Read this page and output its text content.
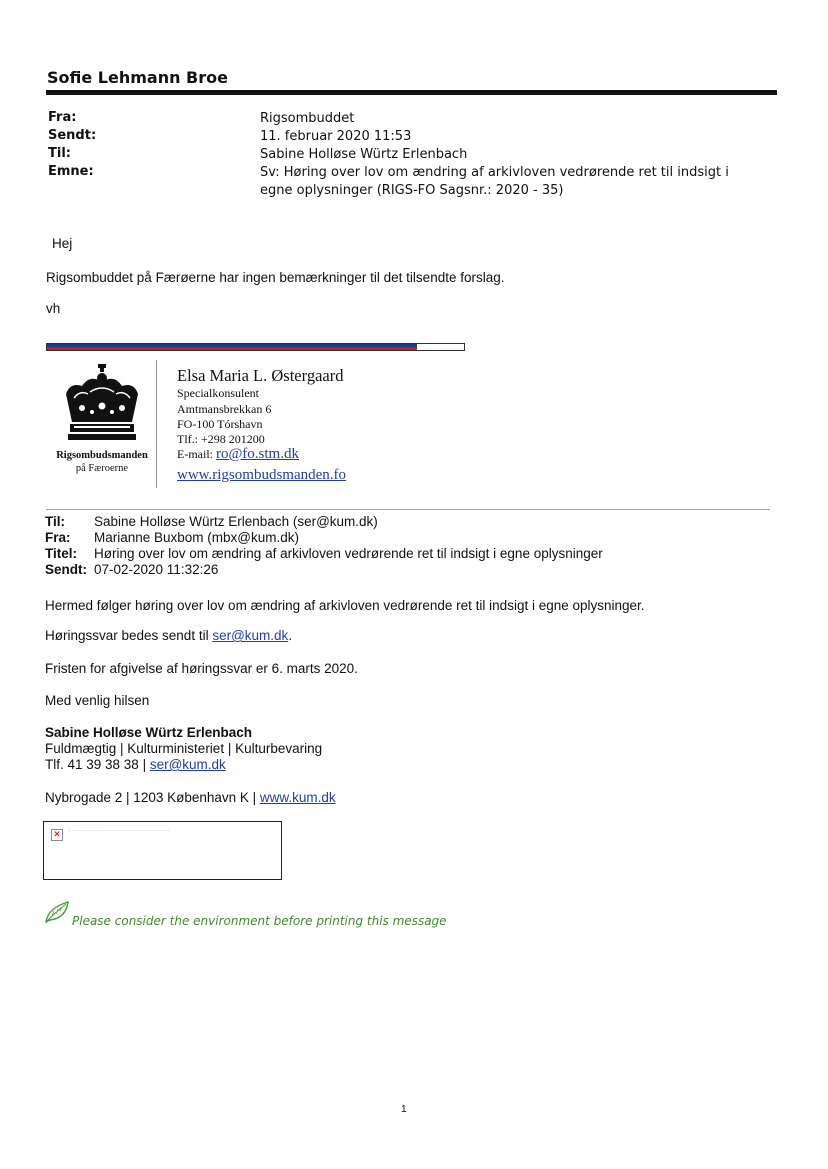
Sofie Lehmann Broe
Fra:	Rigsombuddet
Sendt:	11. februar 2020 11:53
Til:	Sabine Holløse Würtz Erlenbach
Emne:	Sv: Høring over lov om ændring af arkivloven vedrørende ret til indsigt i egne oplysninger (RIGS-FO Sagsnr.: 2020 - 35)
Hej
Rigsombuddet på Færøerne har ingen bemærkninger til det tilsendte forslag.
vh
Rigsombudsmanden
på Færoerne
Elsa Maria L. Østergaard
Specialkonsulent
Amtmansbrekkan 6
FO-100 Tórshavn
Tlf.: +298 201200
E-mail: ro@fo.stm.dk
www.rigsombudsmanden.fo
Til: Sabine Holløse Würtz Erlenbach (ser@kum.dk)
Fra: Marianne Buxbom (mbx@kum.dk)
Titel: Høring over lov om ændring af arkivloven vedrørende ret til indsigt i egne oplysninger
Sendt: 07-02-2020 11:32:26
Hermed følger høring over lov om ændring af arkivloven vedrørende ret til indsigt i egne oplysninger.
Høringssvar bedes sendt til ser@kum.dk.
Fristen for afgivelse af høringssvar er 6. marts 2020.
Med venlig hilsen
Sabine Holløse Würtz Erlenbach
Fuldmægtig | Kulturministeriet | Kulturbevaring
Tlf. 41 39 38 38 | ser@kum.dk
Nybrogade 2 | 1203 København K | www.kum.dk
✕	— — — — — — — — — — — — — — — — — — — — — — — — — —
Please consider the environment before printing this message
1
